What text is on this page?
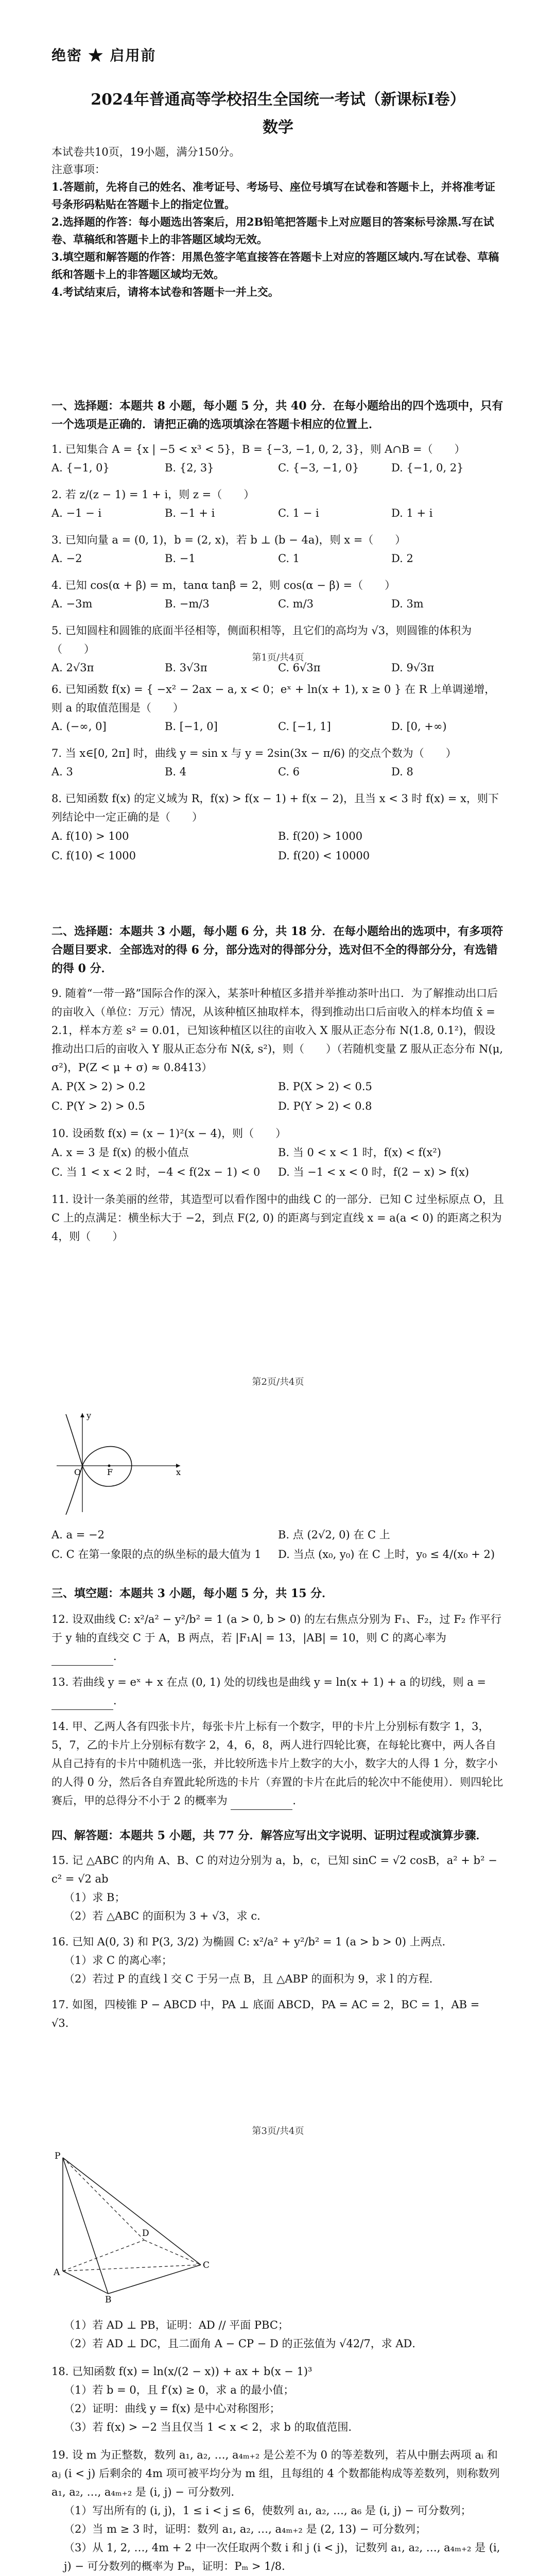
绝密 ★ 启用前
2024年普通高等学校招生全国统一考试（新课标Ⅰ卷）
数学
本试卷共10页，19小题，满分150分。
注意事项：
1.答题前，先将自己的姓名、准考证号、考场号、座位号填写在试卷和答题卡上，并将准考证号条形码粘贴在答题卡上的指定位置。
2.选择题的作答：每小题选出答案后，用2B铅笔把答题卡上对应题目的答案标号涂黑.写在试卷、草稿纸和答题卡上的非答题区域均无效。
3.填空题和解答题的作答：用黑色签字笔直接答在答题卡上对应的答题区域内.写在试卷、草稿纸和答题卡上的非答题区域均无效。
4.考试结束后，请将本试卷和答题卡一并上交。
一、选择题：本题共 8 小题，每小题 5 分，共 40 分．在每小题给出的四个选项中，只有一个选项是正确的．请把正确的选项填涂在答题卡相应的位置上．
1. 已知集合 A = {x | −5 < x³ < 5}，B = {−3, −1, 0, 2, 3}，则 A∩B =（　　）
A. {−1, 0}	B. {2, 3}	C. {−3, −1, 0}	D. {−1, 0, 2}
2. 若 z/(z − 1) = 1 + i，则 z =（　　）
A. −1 − i	B. −1 + i	C. 1 − i	D. 1 + i
3. 已知向量 a = (0, 1)，b = (2, x)，若 b ⊥ (b − 4a)，则 x =（　　）
A. −2	B. −1	C. 1	D. 2
4. 已知 cos(α + β) = m，tanα tanβ = 2，则 cos(α − β) =（　　）
A. −3m	B. −m/3	C. m/3	D. 3m
5. 已知圆柱和圆锥的底面半径相等，侧面积相等，且它们的高均为 √3，则圆锥的体积为（　　）
A. 2√3π	B. 3√3π	C. 6√3π	D. 9√3π
第1页/共4页
6. 已知函数 f(x) = { −x² − 2ax − a, x < 0；eˣ + ln(x + 1), x ≥ 0 } 在 R 上单调递增，则 a 的取值范围是（　　）
A. (−∞, 0]	B. [−1, 0]	C. [−1, 1]	D. [0, +∞)
7. 当 x∈[0, 2π] 时，曲线 y = sin x 与 y = 2sin(3x − π/6) 的交点个数为（　　）
A. 3	B. 4	C. 6	D. 8
8. 已知函数 f(x) 的定义域为 R，f(x) > f(x − 1) + f(x − 2)，且当 x < 3 时 f(x) = x，则下列结论中一定正确的是（　　）
A. f(10) > 100	B. f(20) > 1000
C. f(10) < 1000	D. f(20) < 10000
二、选择题：本题共 3 小题，每小题 6 分，共 18 分．在每小题给出的选项中，有多项符合题目要求．全部选对的得 6 分，部分选对的得部分分，选对但不全的得部分分，有选错的得 0 分．
9. 随着“一带一路”国际合作的深入，某茶叶种植区多措并举推动茶叶出口．为了解推动出口后的亩收入（单位：万元）情况，从该种植区抽取样本，得到推动出口后亩收入的样本均值 x̄ = 2.1，样本方差 s² = 0.01，已知该种植区以往的亩收入 X 服从正态分布 N(1.8, 0.1²)，假设推动出口后的亩收入 Y 服从正态分布 N(x̄, s²)，则（　　）（若随机变量 Z 服从正态分布 N(μ, σ²)，P(Z < μ + σ) ≈ 0.8413）
A. P(X > 2) > 0.2	B. P(X > 2) < 0.5
C. P(Y > 2) > 0.5	D. P(Y > 2) < 0.8
10. 设函数 f(x) = (x − 1)²(x − 4)，则（　　）
A. x = 3 是 f(x) 的极小值点	B. 当 0 < x < 1 时，f(x) < f(x²)
C. 当 1 < x < 2 时，−4 < f(2x − 1) < 0	D. 当 −1 < x < 0 时，f(2 − x) > f(x)
11. 设计一条美丽的丝带，其造型可以看作图中的曲线 C 的一部分．已知 C 过坐标原点 O，且 C 上的点满足：横坐标大于 −2，到点 F(2, 0) 的距离与到定直线 x = a(a < 0) 的距离之积为 4，则（　　）
第2页/共4页
x
y
O	F
A. a = −2	B. 点 (2√2, 0) 在 C 上
C. C 在第一象限的点的纵坐标的最大值为 1	D. 当点 (x₀, y₀) 在 C 上时，y₀ ≤ 4/(x₀ + 2)
三、填空题：本题共 3 小题，每小题 5 分，共 15 分．
12. 设双曲线 C: x²/a² − y²/b² = 1 (a > 0, b > 0) 的左右焦点分别为 F₁、F₂，过 F₂ 作平行于 y 轴的直线交 C 于 A，B 两点，若 |F₁A| = 13，|AB| = 10，则 C 的离心率为 ．
13. 若曲线 y = eˣ + x 在点 (0, 1) 处的切线也是曲线 y = ln(x + 1) + a 的切线，则 a = ．
14. 甲、乙两人各有四张卡片，每张卡片上标有一个数字，甲的卡片上分别标有数字 1，3，5，7，乙的卡片上分别标有数字 2，4，6，8，两人进行四轮比赛，在每轮比赛中，两人各自从自己持有的卡片中随机选一张，并比较所选卡片上数字的大小，数字大的人得 1 分，数字小的人得 0 分，然后各自弃置此轮所选的卡片（弃置的卡片在此后的轮次中不能使用）．则四轮比赛后，甲的总得分不小于 2 的概率为	．
四、解答题：本题共 5 小题，共 77 分．解答应写出文字说明、证明过程或演算步骤．
15. 记 △ABC 的内角 A、B、C 的对边分别为 a，b，c，已知 sinC = √2 cosB，a² + b² − c² = √2 ab
（1）求 B；
（2）若 △ABC 的面积为 3 + √3，求 c．
16. 已知 A(0, 3) 和 P(3, 3/2) 为椭圆 C: x²/a² + y²/b² = 1 (a > b > 0) 上两点．
（1）求 C 的离心率；
（2）若过 P 的直线 l 交 C 于另一点 B，且 △ABP 的面积为 9，求 l 的方程．
17. 如图，四棱锥 P − ABCD 中，PA ⊥ 底面 ABCD，PA = AC = 2，BC = 1，AB = √3．
第3页/共4页
P
A
B
C
D
（1）若 AD ⊥ PB，证明：AD // 平面 PBC；
（2）若 AD ⊥ DC，且二面角 A − CP − D 的正弦值为 √42/7，求 AD．
18. 已知函数 f(x) = ln(x/(2 − x)) + ax + b(x − 1)³
（1）若 b = 0，且 f′(x) ≥ 0，求 a 的最小值；
（2）证明：曲线 y = f(x) 是中心对称图形；
（3）若 f(x) > −2 当且仅当 1 < x < 2，求 b 的取值范围．
19. 设 m 为正整数，数列 a₁, a₂, …, a₄ₘ₊₂ 是公差不为 0 的等差数列，若从中删去两项 aᵢ 和 aⱼ (i < j) 后剩余的 4m 项可被平均分为 m 组，且每组的 4 个数都能构成等差数列，则称数列 a₁, a₂, …, a₄ₘ₊₂ 是 (i, j) − 可分数列．
（1）写出所有的 (i, j)，1 ≤ i < j ≤ 6，使数列 a₁, a₂, …, a₆ 是 (i, j) − 可分数列；
（2）当 m ≥ 3 时，证明：数列 a₁, a₂, …, a₄ₘ₊₂ 是 (2, 13) − 可分数列；
（3）从 1, 2, …, 4m + 2 中一次任取两个数 i 和 j (i < j)，记数列 a₁, a₂, …, a₄ₘ₊₂ 是 (i, j) − 可分数列的概率为 Pₘ，证明：Pₘ > 1/8．
